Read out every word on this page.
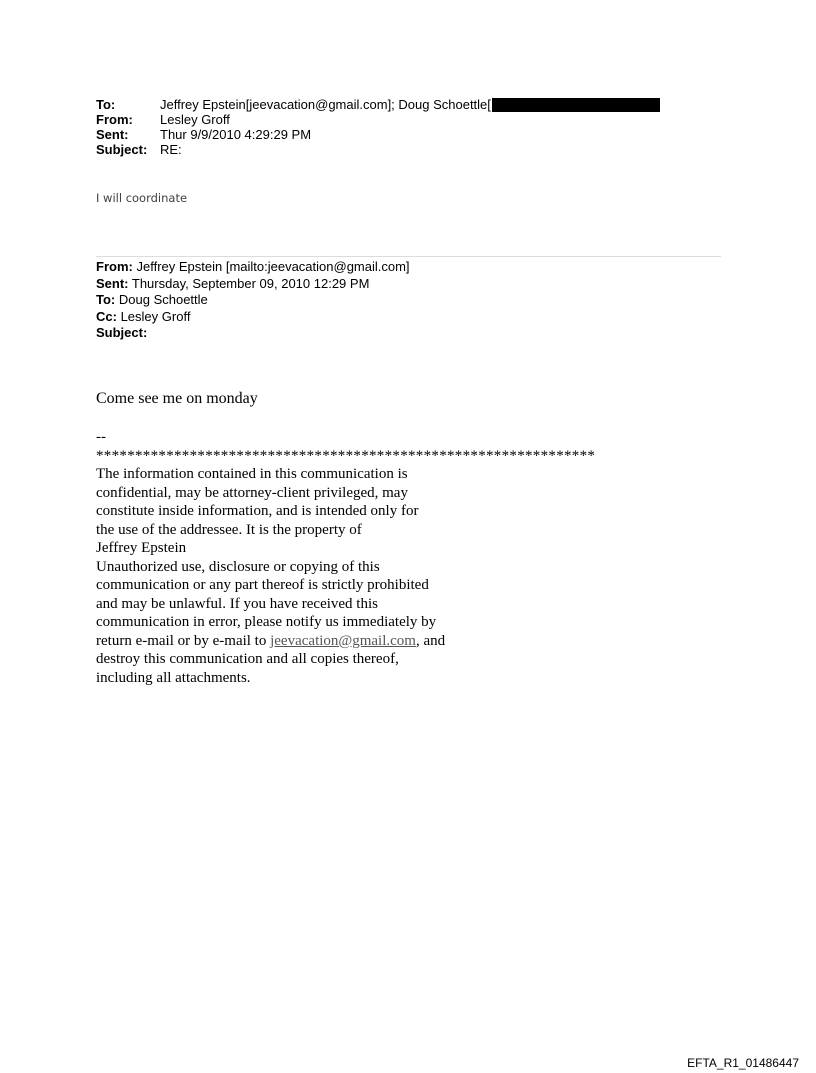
To:	Jeffrey Epstein[jeevacation@gmail.com]; Doug Schoettle[
From:	Lesley Groff
Sent:	Thur 9/9/2010 4:29:29 PM
Subject: RE:
I will coordinate
From: Jeffrey Epstein [mailto:jeevacation@gmail.com]
Sent: Thursday, September 09, 2010 12:29 PM
To: Doug Schoettle
Cc: Lesley Groff
Subject:
Come see me on monday
--
****************************************************************
The information contained in this communication is
confidential, may be attorney-client privileged, may
constitute inside information, and is intended only for
the use of the addressee. It is the property of
Jeffrey Epstein
Unauthorized use, disclosure or copying of this
communication or any part thereof is strictly prohibited
and may be unlawful. If you have received this
communication in error, please notify us immediately by
return e-mail or by e-mail to jeevacation@gmail.com, and
destroy this communication and all copies thereof,
including all attachments.
EFTA_R1_01486447
